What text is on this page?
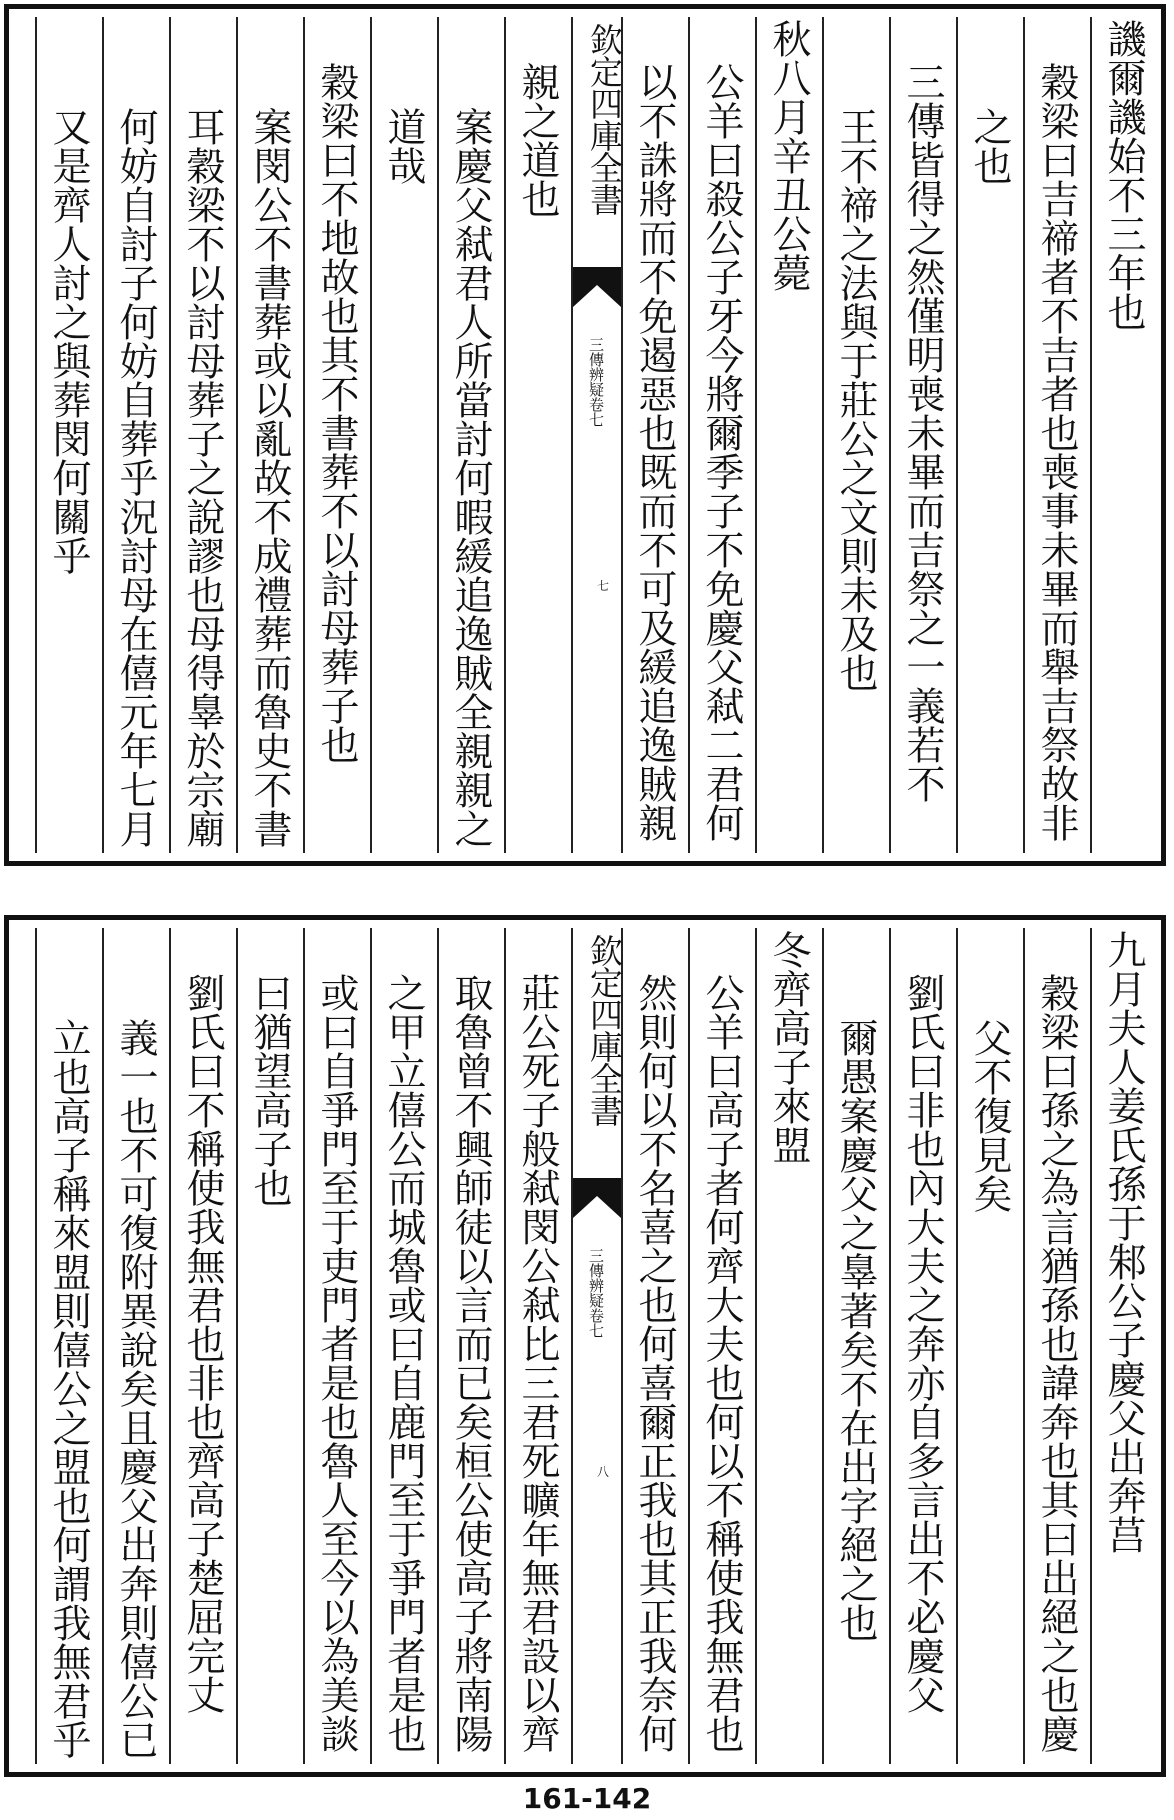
譏爾譏始不三年也
穀梁曰吉禘者不吉者也喪事未畢而舉吉祭故非
之也
三傳皆得之然僅明喪未畢而吉祭之一義若不
王不禘之法與于莊公之文則未及也
秋八月辛丑公薨
公羊曰殺公子牙今將爾季子不免慶父弒二君何
以不誅將而不免遏惡也既而不可及緩追逸賊親
欽定四庫全書
三傳辨疑卷七
七
親之道也
案慶父弒君人所當討何暇緩追逸賊全親親之
道哉
穀梁曰不地故也其不書葬不以討母葬子也
案閔公不書葬或以亂故不成禮葬而魯史不書
耳穀梁不以討母葬子之說謬也母得辠於宗廟
何妨自討子何妨自葬乎況討母在僖元年七月
又是齊人討之與葬閔何關乎
九月夫人姜氏孫于邾公子慶父出奔莒
穀梁曰孫之為言猶孫也諱奔也其曰出絕之也慶
父不復見矣
劉氏曰非也內大夫之奔亦自多言出不必慶父
爾愚案慶父之辠著矣不在出字絕之也
冬齊高子來盟
公羊曰高子者何齊大夫也何以不稱使我無君也
然則何以不名喜之也何喜爾正我也其正我奈何
欽定四庫全書
三傳辨疑卷七
八
莊公死子般弒閔公弒比三君死曠年無君設以齊
取魯曾不興師徒以言而已矣桓公使高子將南陽
之甲立僖公而城魯或曰自鹿門至于爭門者是也
或曰自爭門至于吏門者是也魯人至今以為美談
曰猶望高子也
劉氏曰不稱使我無君也非也齊高子楚屈完丈
義一也不可復附異說矣且慶父出奔則僖公已
立也高子稱來盟則僖公之盟也何謂我無君乎
161-142
